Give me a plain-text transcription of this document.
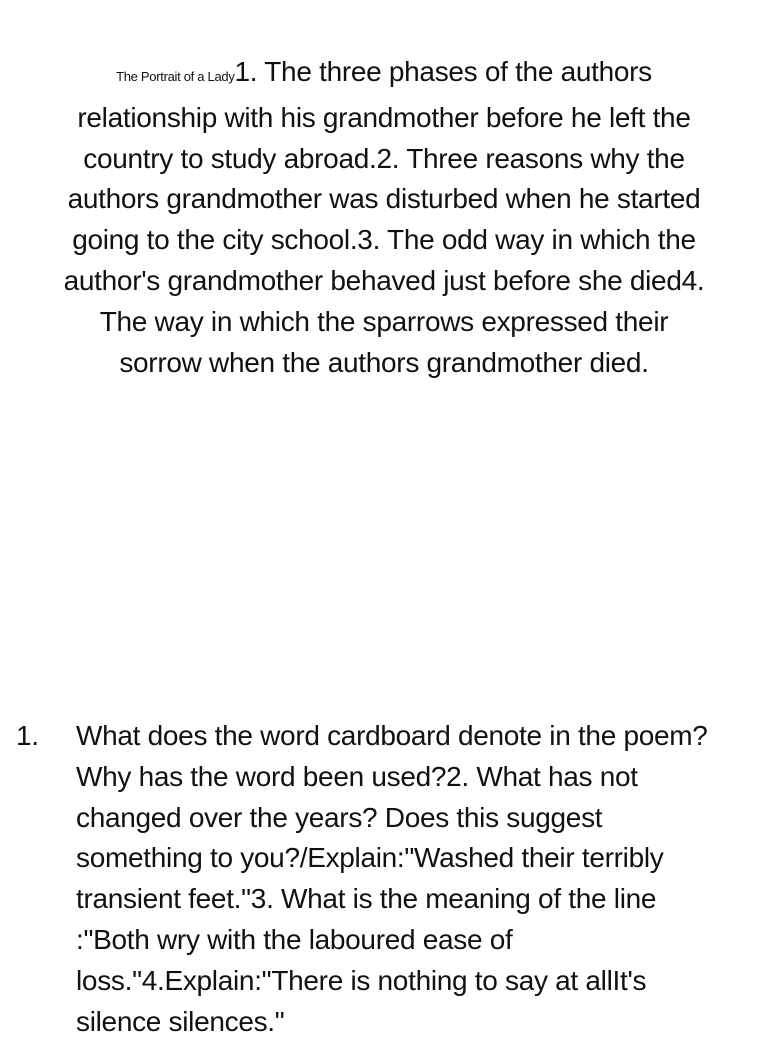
The Portrait of a Lady1. The three phases of the authors relationship with his grandmother before he left the country to study abroad.2. Three reasons why the authors grandmother was disturbed when he started going to the city school.3. The odd way in which the author's grandmother behaved just before she died4. The way in which the sparrows expressed their sorrow when the authors grandmother died.
1. What does the word cardboard denote in the poem? Why has the word been used?2. What has not changed over the years? Does this suggest something to you?/Explain:"Washed their terribly transient feet."3. What is the meaning of the line :"Both wry with the laboured ease of loss."4.Explain:"There is nothing to say at allIt's silence silences."
